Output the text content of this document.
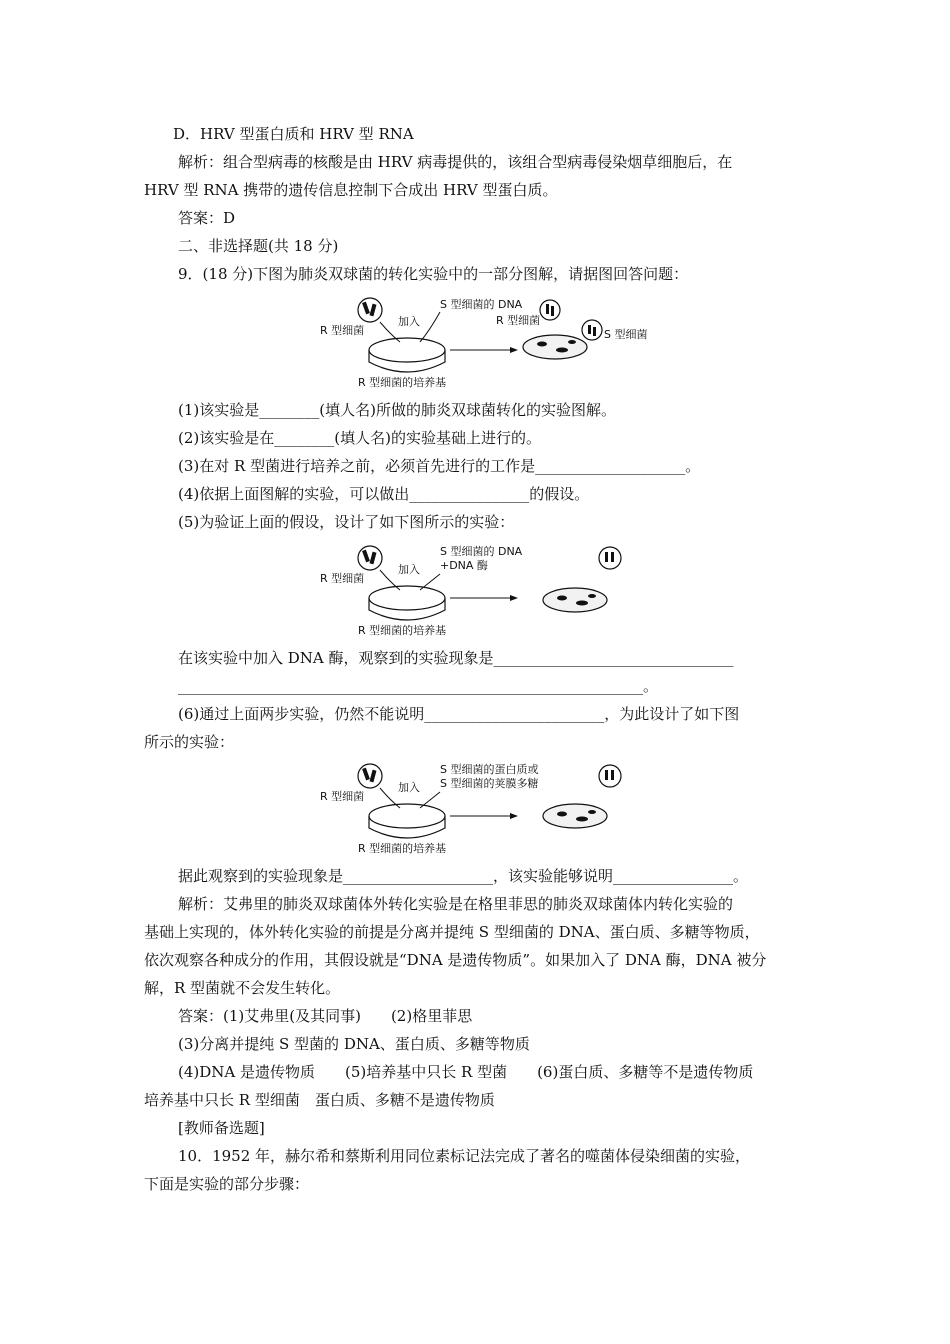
D．HRV 型蛋白质和 HRV 型 RNA
解析：组合型病毒的核酸是由 HRV 病毒提供的，该组合型病毒侵染烟草细胞后，在
HRV 型 RNA 携带的遗传信息控制下合成出 HRV 型蛋白质。
答案：D
二、非选择题(共 18 分)
9．(18 分)下图为肺炎双球菌的转化实验中的一部分图解，请据图回答问题：
R 型细菌
加入
S 型细菌的 DNA
R 型细菌的培养基
R 型细菌
S 型细菌
(1)该实验是________(填人名)所做的肺炎双球菌转化的实验图解。
(2)该实验是在________(填人名)的实验基础上进行的。
(3)在对 R 型菌进行培养之前，必须首先进行的工作是____________________。
(4)依据上面图解的实验，可以做出________________的假设。
(5)为验证上面的假设，设计了如下图所示的实验：
R 型细菌
加入
S 型细菌的 DNA
+DNA 酶
R 型细菌的培养基
在该实验中加入 DNA 酶，观察到的实验现象是________________________________
______________________________________________________________。
(6)通过上面两步实验，仍然不能说明________________________，为此设计了如下图
所示的实验：
R 型细菌
加入
S 型细菌的蛋白质或
S 型细菌的荚膜多糖
R 型细菌的培养基
据此观察到的实验现象是____________________，该实验能够说明________________。
解析：艾弗里的肺炎双球菌体外转化实验是在格里菲思的肺炎双球菌体内转化实验的
基础上实现的，体外转化实验的前提是分离并提纯 S 型细菌的 DNA、蛋白质、多糖等物质，
依次观察各种成分的作用，其假设就是“DNA 是遗传物质”。如果加入了 DNA 酶，DNA 被分
解，R 型菌就不会发生转化。
答案：(1)艾弗里(及其同事)　　(2)格里菲思
(3)分离并提纯 S 型菌的 DNA、蛋白质、多糖等物质
(4)DNA 是遗传物质　　(5)培养基中只长 R 型菌　　(6)蛋白质、多糖等不是遗传物质
培养基中只长 R 型细菌　蛋白质、多糖不是遗传物质
[教师备选题]
10．1952 年，赫尔希和蔡斯利用同位素标记法完成了著名的噬菌体侵染细菌的实验，
下面是实验的部分步骤：
